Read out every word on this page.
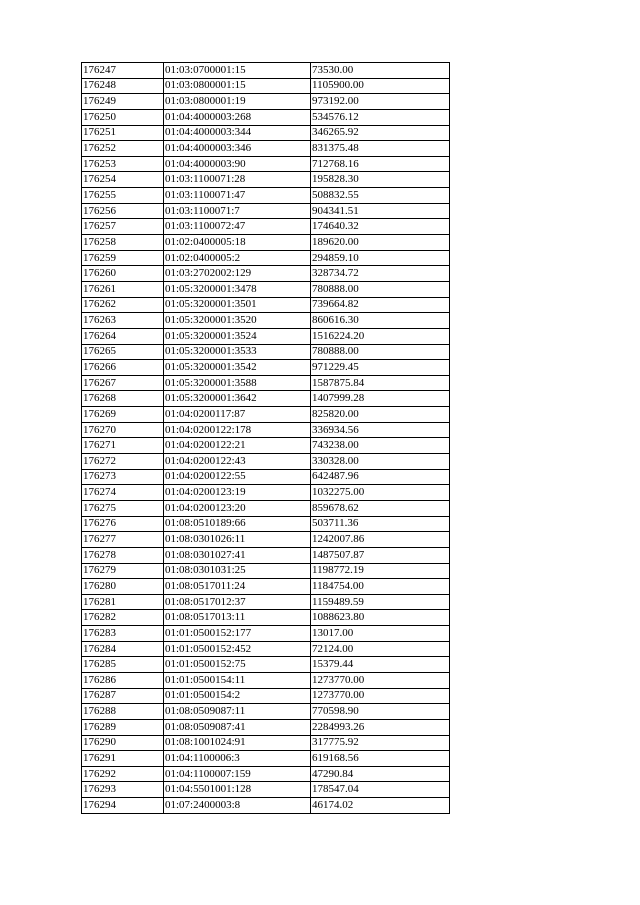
176247	01:03:0700001:15	73530.00
176248	01:03:0800001:15	1105900.00
176249	01:03:0800001:19	973192.00
176250	01:04:4000003:268	534576.12
176251	01:04:4000003:344	346265.92
176252	01:04:4000003:346	831375.48
176253	01:04:4000003:90	712768.16
176254	01:03:1100071:28	195828.30
176255	01:03:1100071:47	508832.55
176256	01:03:1100071:7	904341.51
176257	01:03:1100072:47	174640.32
176258	01:02:0400005:18	189620.00
176259	01:02:0400005:2	294859.10
176260	01:03:2702002:129	328734.72
176261	01:05:3200001:3478	780888.00
176262	01:05:3200001:3501	739664.82
176263	01:05:3200001:3520	860616.30
176264	01:05:3200001:3524	1516224.20
176265	01:05:3200001:3533	780888.00
176266	01:05:3200001:3542	971229.45
176267	01:05:3200001:3588	1587875.84
176268	01:05:3200001:3642	1407999.28
176269	01:04:0200117:87	825820.00
176270	01:04:0200122:178	336934.56
176271	01:04:0200122:21	743238.00
176272	01:04:0200122:43	330328.00
176273	01:04:0200122:55	642487.96
176274	01:04:0200123:19	1032275.00
176275	01:04:0200123:20	859678.62
176276	01:08:0510189:66	503711.36
176277	01:08:0301026:11	1242007.86
176278	01:08:0301027:41	1487507.87
176279	01:08:0301031:25	1198772.19
176280	01:08:0517011:24	1184754.00
176281	01:08:0517012:37	1159489.59
176282	01:08:0517013:11	1088623.80
176283	01:01:0500152:177	13017.00
176284	01:01:0500152:452	72124.00
176285	01:01:0500152:75	15379.44
176286	01:01:0500154:11	1273770.00
176287	01:01:0500154:2	1273770.00
176288	01:08:0509087:11	770598.90
176289	01:08:0509087:41	2284993.26
176290	01:08:1001024:91	317775.92
176291	01:04:1100006:3	619168.56
176292	01:04:1100007:159	47290.84
176293	01:04:5501001:128	178547.04
176294	01:07:2400003:8	46174.02
